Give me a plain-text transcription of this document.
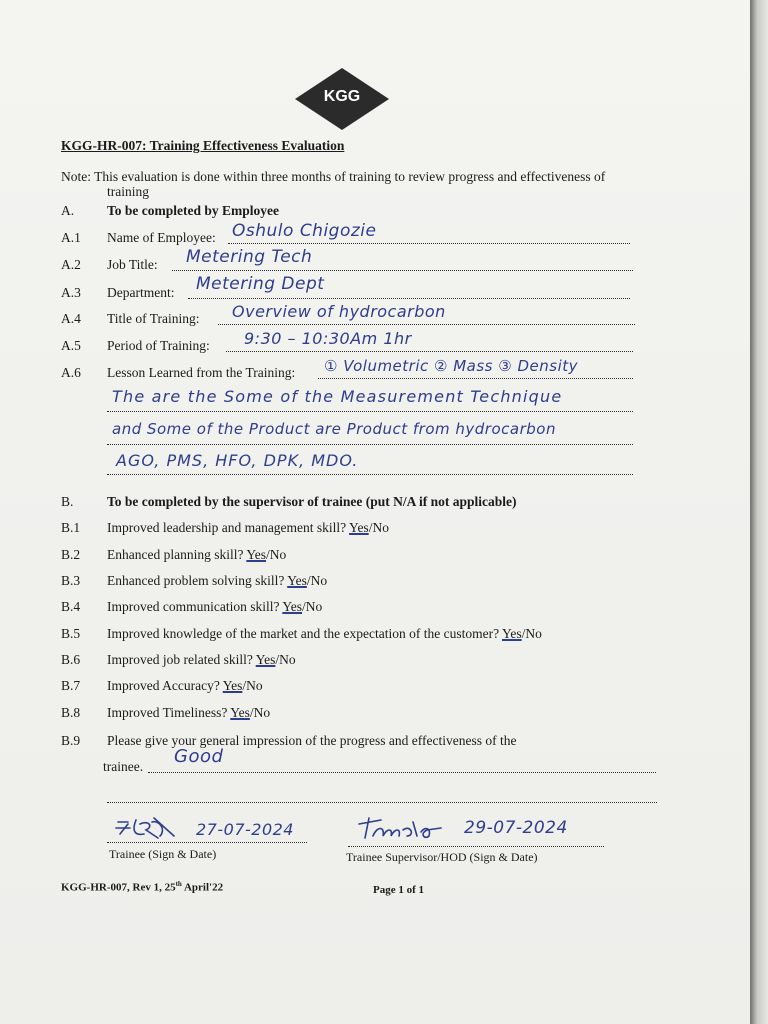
KGG
KGG-HR-007: Training Effectiveness Evaluation
Note: This evaluation is done within three months of training to review progress and effectiveness of
training
A. To be completed by Employee
A.1 Name of Employee: Oshulo Chigozie
A.2 Job Title: Metering Tech
A.3 Department: Metering Dept
A.4 Title of Training: Overview of hydrocarbon
A.5 Period of Training: 9:30 – 10:30Am 1hr
A.6 Lesson Learned from the Training: ① Volumetric ② Mass ③ Density
The are the Some of the Measurement Technique
and Some of the Product are Product from hydrocarbon
AGO, PMS, HFO, DPK, MDO.
B. To be completed by the supervisor of trainee (put N/A if not applicable)
B.1 Improved leadership and management skill? Yes/No
B.2 Enhanced planning skill? Yes/No
B.3 Enhanced problem solving skill? Yes/No
B.4 Improved communication skill? Yes/No
B.5 Improved knowledge of the market and the expectation of the customer? Yes/No
B.6 Improved job related skill? Yes/No
B.7 Improved Accuracy? Yes/No
B.8 Improved Timeliness? Yes/No
B.9 Please give your general impression of the progress and effectiveness of the
trainee. Good
27-07-2024
Trainee (Sign & Date)
29-07-2024
Trainee Supervisor/HOD (Sign & Date)
KGG-HR-007, Rev 1, 25th April'22	Page 1 of 1
